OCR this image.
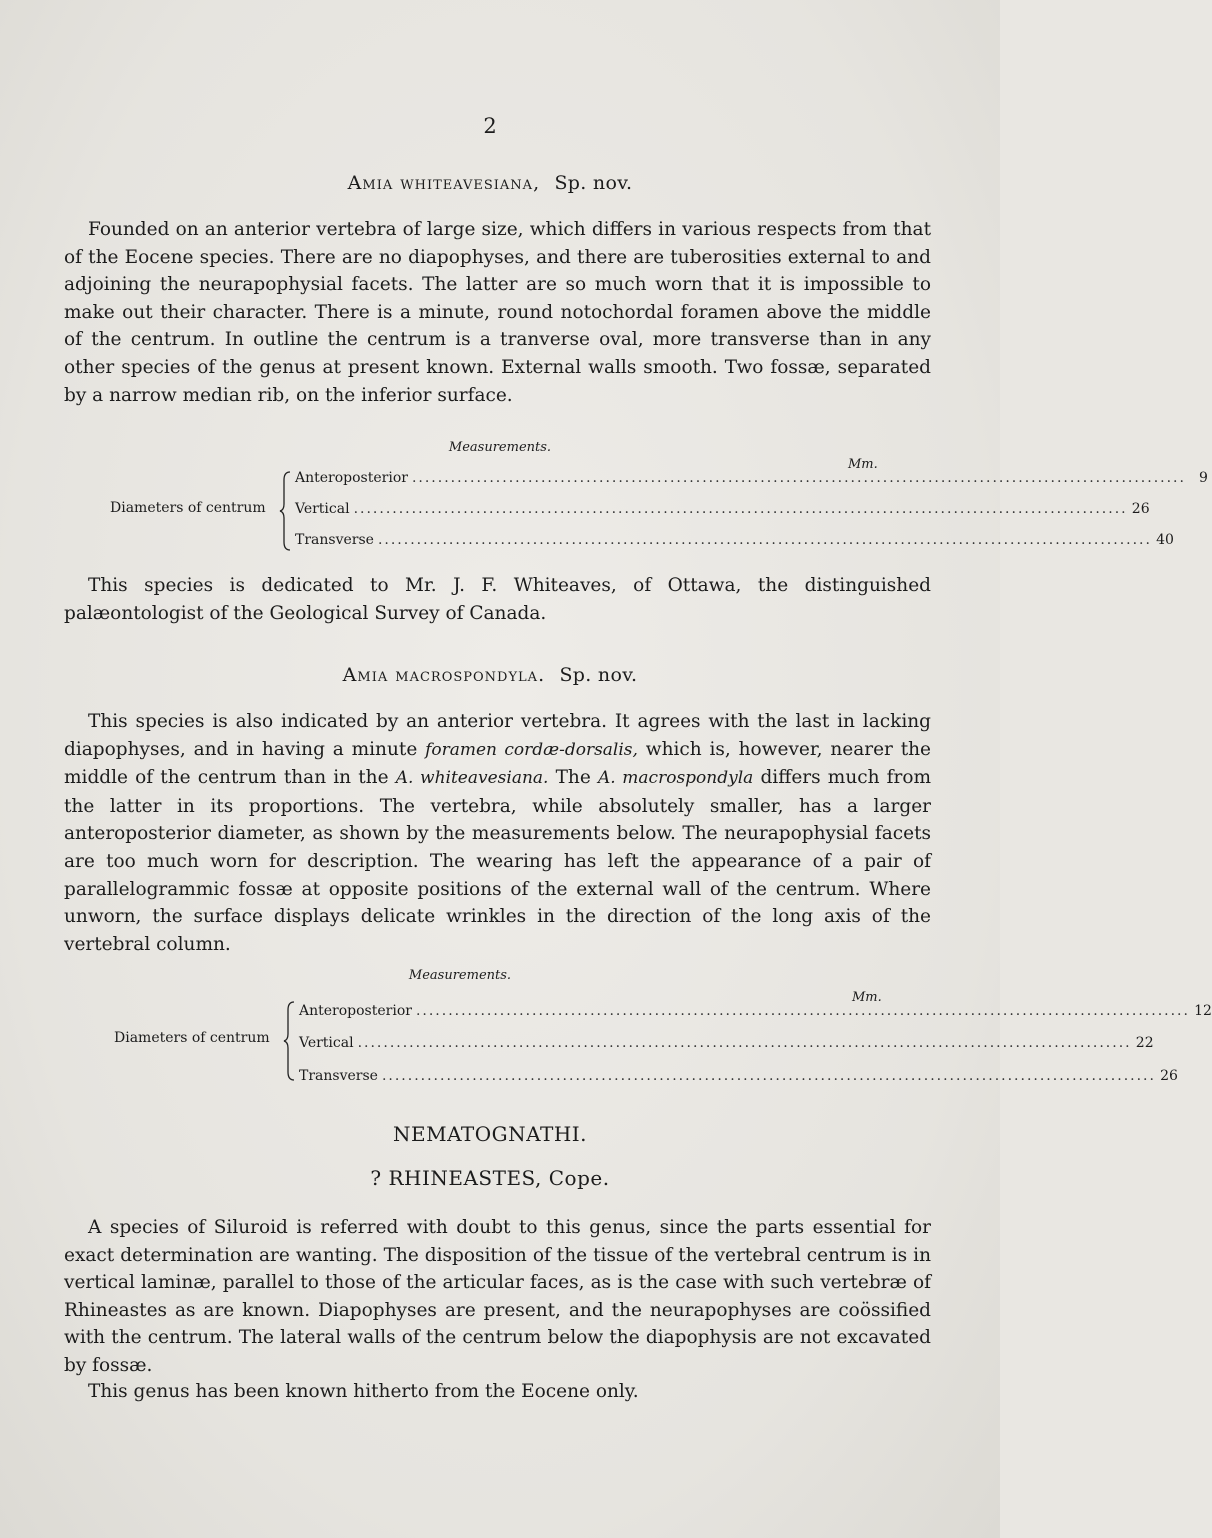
2
Amia whiteavesiana, Sp. nov.
Founded on an anterior vertebra of large size, which differs in various respects from that of the Eocene species. There are no diapophyses, and there are tuberosities external to and adjoining the neurapophysial facets. The latter are so much worn that it is impossible to make out their character. There is a minute, round notochordal foramen above the middle of the centrum. In outline the centrum is a tranverse oval, more transverse than in any other species of the genus at present known. External walls smooth. Two fossæ, separated by a narrow median rib, on the inferior surface.
Measurements.
Mm.
Diameters of centrum
Anteroposterior ........................................................................................................................ 9
Vertical ........................................................................................................................ 26
Transverse ........................................................................................................................ 40
This species is dedicated to Mr. J. F. Whiteaves, of Ottawa, the distinguished palæontologist of the Geological Survey of Canada.
Amia macrospondyla. Sp. nov.
This species is also indicated by an anterior vertebra. It agrees with the last in lacking diapophyses, and in having a minute foramen cordæ-dorsalis, which is, however, nearer the middle of the centrum than in the A. whiteavesiana. The A. macrospondyla differs much from the latter in its proportions. The vertebra, while absolutely smaller, has a larger anteroposterior diameter, as shown by the measurements below. The neurapophysial facets are too much worn for description. The wearing has left the appearance of a pair of parallelogrammic fossæ at opposite positions of the external wall of the centrum. Where unworn, the surface displays delicate wrinkles in the direction of the long axis of the vertebral column.
Measurements.
Mm.
Diameters of centrum
Anteroposterior ........................................................................................................................ 12
Vertical ........................................................................................................................ 22
Transverse ........................................................................................................................ 26
NEMATOGNATHI.
? RHINEASTES, Cope.
A species of Siluroid is referred with doubt to this genus, since the parts essential for exact determination are wanting. The disposition of the tissue of the vertebral centrum is in vertical laminæ, parallel to those of the articular faces, as is the case with such vertebræ of Rhineastes as are known. Diapophyses are present, and the neurapophyses are coössified with the centrum. The lateral walls of the centrum below the diapophysis are not excavated by fossæ.
This genus has been known hitherto from the Eocene only.
